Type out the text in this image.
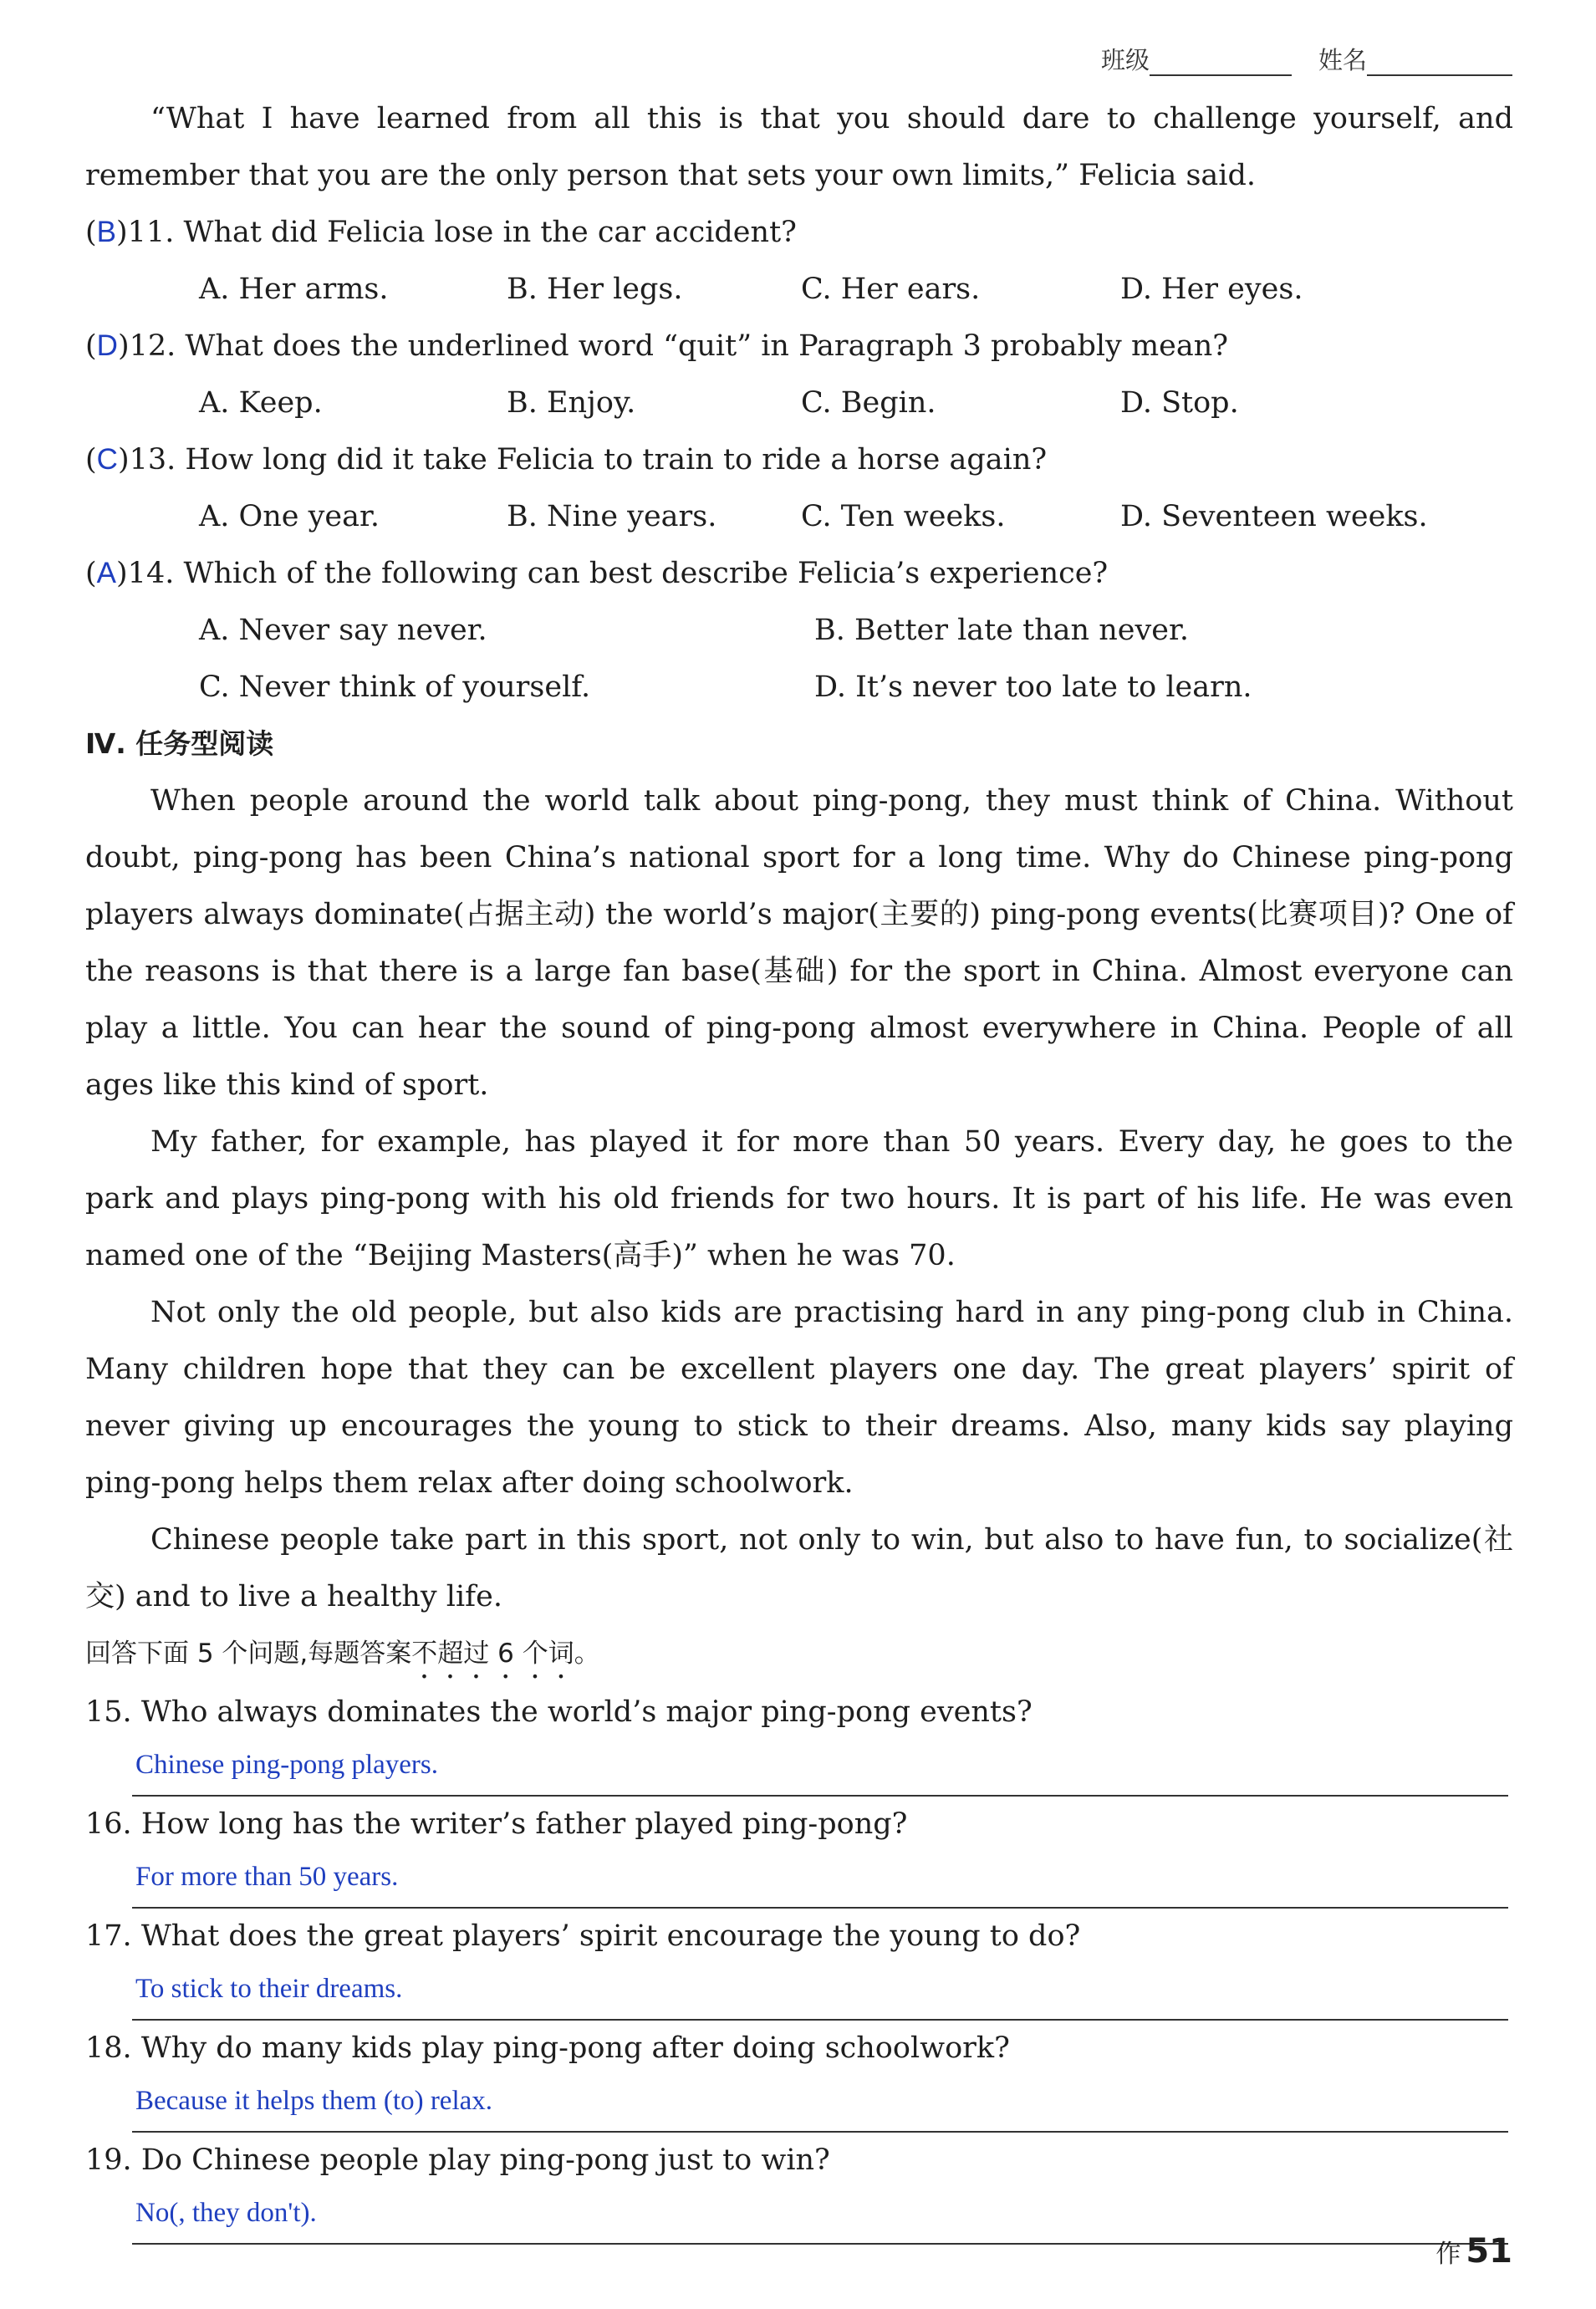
班级	姓名

“What I have learned from all this is that you should dare to challenge yourself, and remember that you are the only person that sets your own limits,” Felicia said.

(B)11. What did Felicia lose in the car accident?

A. Her arms.	B. Her legs.	C. Her ears.	D. Her eyes.

(D)12. What does the underlined word “quit” in Paragraph 3 probably mean?

A. Keep.	B. Enjoy.	C. Begin.	D. Stop.

(C)13. How long did it take Felicia to train to ride a horse again?

A. One year.	B. Nine years.	C. Ten weeks.	D. Seventeen weeks.

(A)14. Which of the following can best describe Felicia’s experience?

A. Never say never.	B. Better late than never.
C. Never think of yourself.	D. It’s never too late to learn.

Ⅳ. 任务型阅读

When people around the world talk about ping-pong, they must think of China. Without doubt, ping-pong has been China’s national sport for a long time. Why do Chinese ping-pong players always dominate(占据主动) the world’s major(主要的) ping-pong events(比赛项目)? One of the reasons is that there is a large fan base(基础) for the sport in China. Almost everyone can play a little. You can hear the sound of ping-pong almost everywhere in China. People of all ages like this kind of sport.

My father, for example, has played it for more than 50 years. Every day, he goes to the park and plays ping-pong with his old friends for two hours. It is part of his life. He was even named one of the “Beijing Masters(高手)” when he was 70.

Not only the old people, but also kids are practising hard in any ping-pong club in China. Many children hope that they can be excellent players one day. The great players’ spirit of never giving up encourages the young to stick to their dreams. Also, many kids say playing ping-pong helps them relax after doing schoolwork.

Chinese people take part in this sport, not only to win, but also to have fun, to socialize(社交) and to live a healthy life.

回答下面 5 个问题,每题答案不超过 6 个词。

15. Who always dominates the world’s major ping-pong events?

Chinese ping-pong players.

16. How long has the writer’s father played ping-pong?

For more than 50 years.

17. What does the great players’ spirit encourage the young to do?

To stick to their dreams.

18. Why do many kids play ping-pong after doing schoolwork?

Because it helps them (to) relax.

19. Do Chinese people play ping-pong just to win?

No(, they don't).
作 51
